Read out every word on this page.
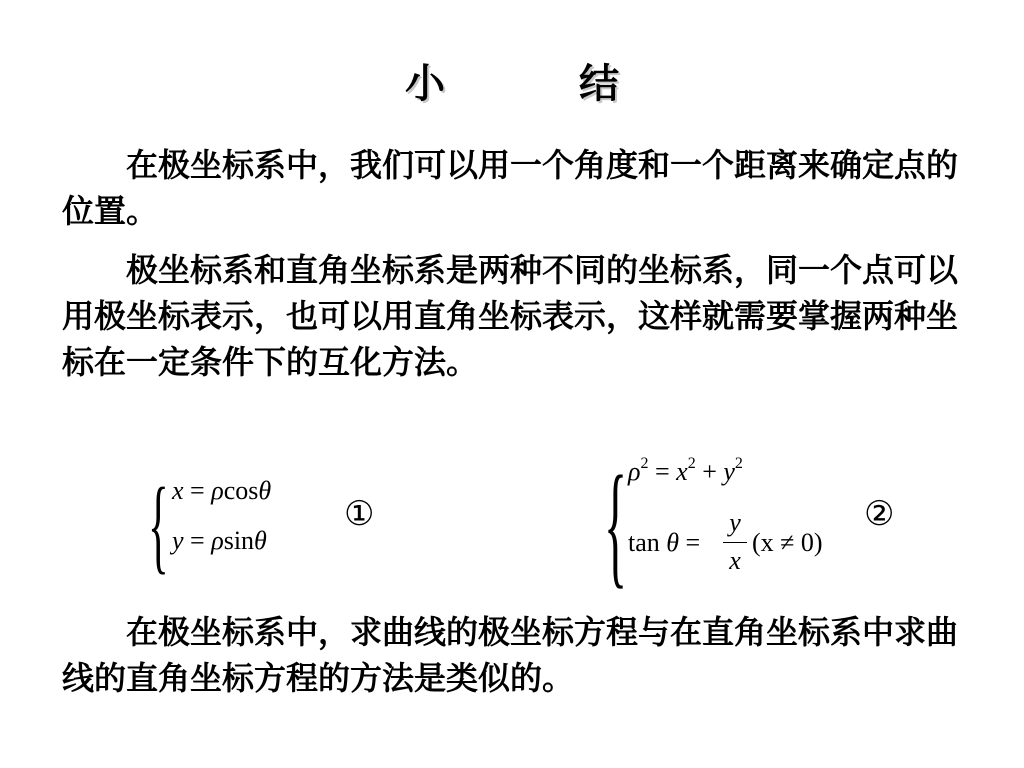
小 结

在极坐标系中，我们可以用一个角度和一个距离来确定点的位置。

极坐标系和直角坐标系是两种不同的坐标系，同一个点可以用极坐标表示，也可以用直角坐标表示，这样就需要掌握两种坐标在一定条件下的互化方法。

{ x = ρcosθ
y = ρsinθ
①	{ $\rho^2 = x^2 + y^2$
tan θ =
y
x
(x ≠ 0)
②

在极坐标系中，求曲线的极坐标方程与在直角坐标系中求曲线的直角坐标方程的方法是类似的。
